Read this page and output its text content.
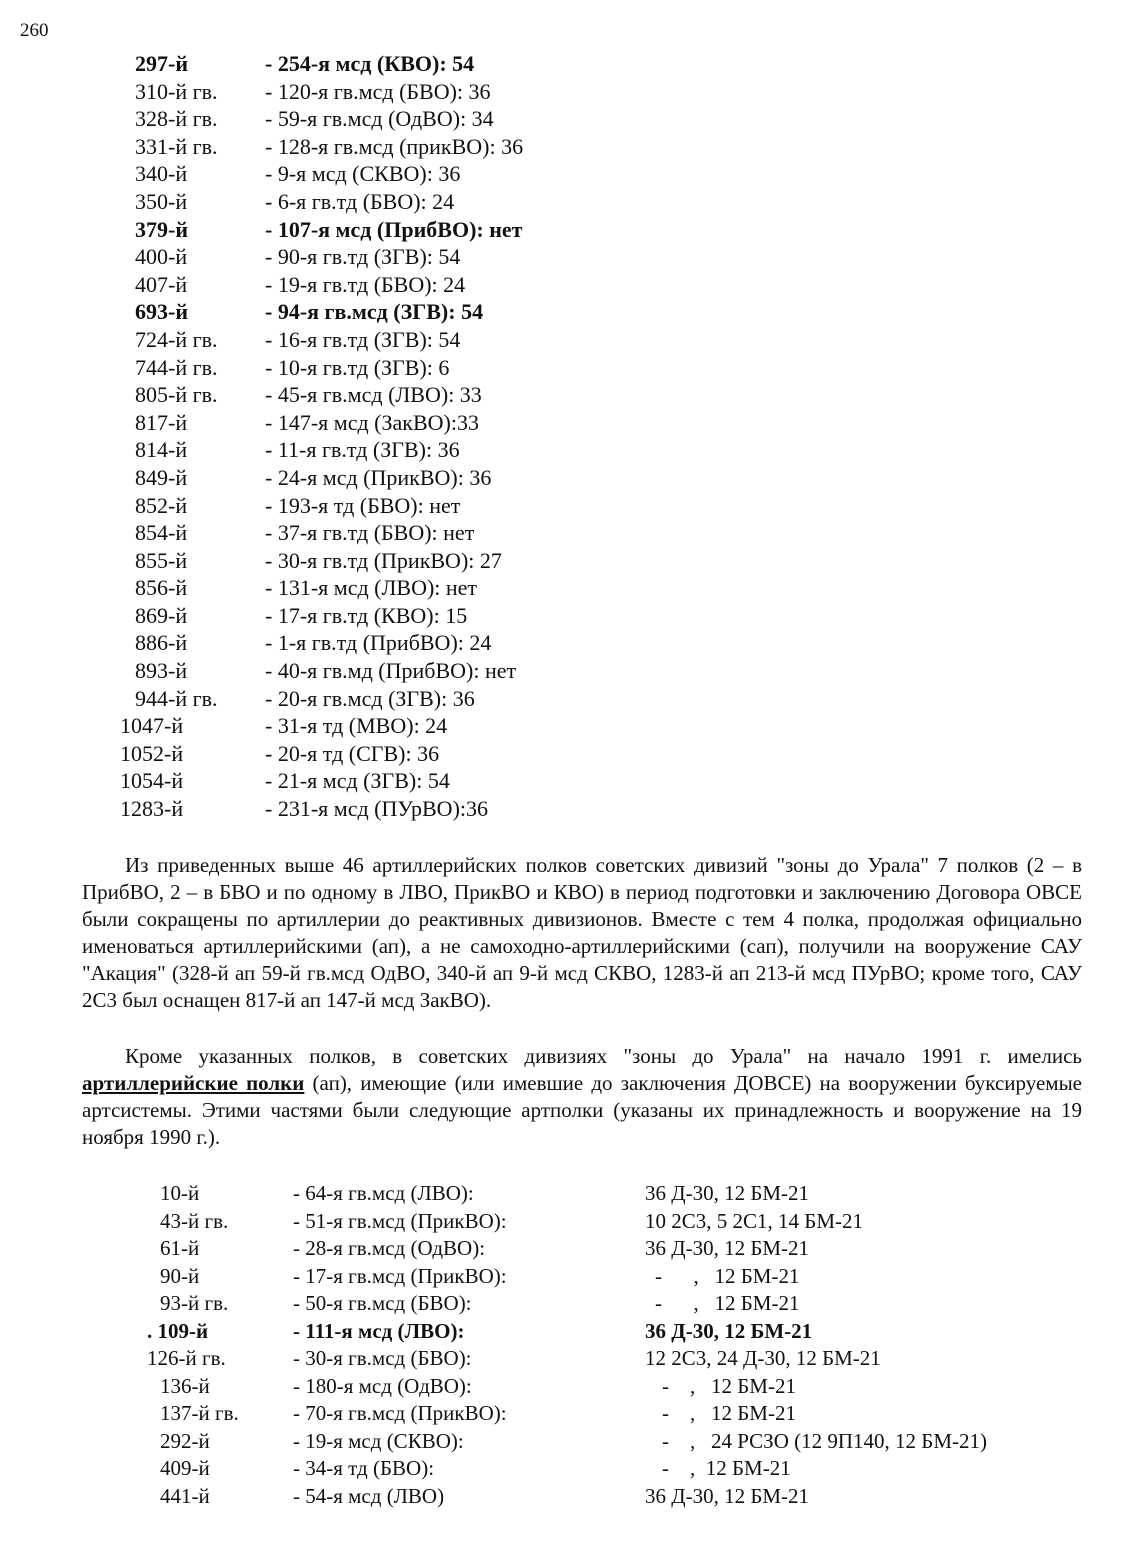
260
297-й	- 254-я мсд (КВО): 54
310-й гв. - 120-я гв.мсд (БВО): 36
328-й гв. - 59-я гв.мсд (ОдВО): 34
331-й гв. - 128-я гв.мсд (прикВО): 36
340-й	- 9-я мсд (СКВО): 36
350-й	- 6-я гв.тд (БВО): 24
379-й	- 107-я мсд (ПрибВО): нет
400-й	- 90-я гв.тд (ЗГВ): 54
407-й	- 19-я гв.тд (БВО): 24
693-й	- 94-я гв.мсд (ЗГВ): 54
724-й гв. - 16-я гв.тд (ЗГВ): 54
744-й гв. - 10-я гв.тд (ЗГВ): 6
805-й гв. - 45-я гв.мсд (ЛВО): 33
817-й	- 147-я мсд (ЗакВО):33
814-й	- 11-я гв.тд (ЗГВ): 36
849-й	- 24-я мсд (ПрикВО): 36
852-й	- 193-я тд (БВО): нет
854-й	- 37-я гв.тд (БВО): нет
855-й	- 30-я гв.тд (ПрикВО): 27
856-й	- 131-я мсд (ЛВО): нет
869-й	- 17-я гв.тд (КВО): 15
886-й	- 1-я гв.тд (ПрибВО): 24
893-й	- 40-я гв.мд (ПрибВО): нет
944-й гв. - 20-я гв.мсд (ЗГВ): 36
1047-й	- 31-я тд (МВО): 24
1052-й	- 20-я тд (СГВ): 36
1054-й	- 21-я мсд (ЗГВ): 54
1283-й	- 231-я мсд (ПУрВО):36

Из приведенных выше 46 артиллерийских полков советских дивизий "зоны до Урала" 7 полков (2 – в ПрибВО, 2 – в БВО и по одному в ЛВО, ПрикВО и КВО) в период подготовки и заключению Договора ОВСЕ были сокращены по артиллерии до реактивных дивизионов. Вместе с тем 4 полка, продолжая официально именоваться артиллерийскими (ап), а не самоходно-артиллерийскими (сап), получили на вооружение САУ "Акация" (328-й ап 59-й гв.мсд ОдВО, 340-й ап 9-й мсд СКВО, 1283-й ап 213-й мсд ПУрВО; кроме того, САУ 2С3 был оснащен 817-й ап 147-й мсд ЗакВО).

Кроме указанных полков, в советских дивизиях "зоны до Урала" на начало 1991 г. имелись артиллерийские полки (ап), имеющие (или имевшие до заключения ДОВСЕ) на вооружении буксируемые артсистемы. Этими частями были следующие артполки (указаны их принадлежность и вооружение на 19 ноября 1990 г.).

10-й	- 64-я гв.мсд (ЛВО):	36 Д-30, 12 БМ-21
43-й гв.	- 51-я гв.мсд (ПрикВО):	10 2С3, 5 2С1, 14 БМ-21
61-й	- 28-я гв.мсд (ОдВО):	36 Д-30, 12 БМ-21
90-й	- 17-я гв.мсд (ПрикВО):	-      ,   12 БМ-21
93-й гв.	- 50-я гв.мсд (БВО):	-      ,   12 БМ-21
. 109-й	- 111-я мсд (ЛВО):	36 Д-30, 12 БМ-21
126-й гв.	- 30-я гв.мсд (БВО):	12 2С3, 24 Д-30, 12 БМ-21
136-й	- 180-я мсд (ОдВО):	-    ,   12 БМ-21
137-й гв.	- 70-я гв.мсд (ПрикВО):	-    ,   12 БМ-21
292-й	- 19-я мсд (СКВО):	-    ,   24 РСЗО (12 9П140, 12 БМ-21)
409-й	- 34-я тд (БВО):	-    ,  12 БМ-21
441-й	- 54-я мсд (ЛВО)	36 Д-30, 12 БМ-21
